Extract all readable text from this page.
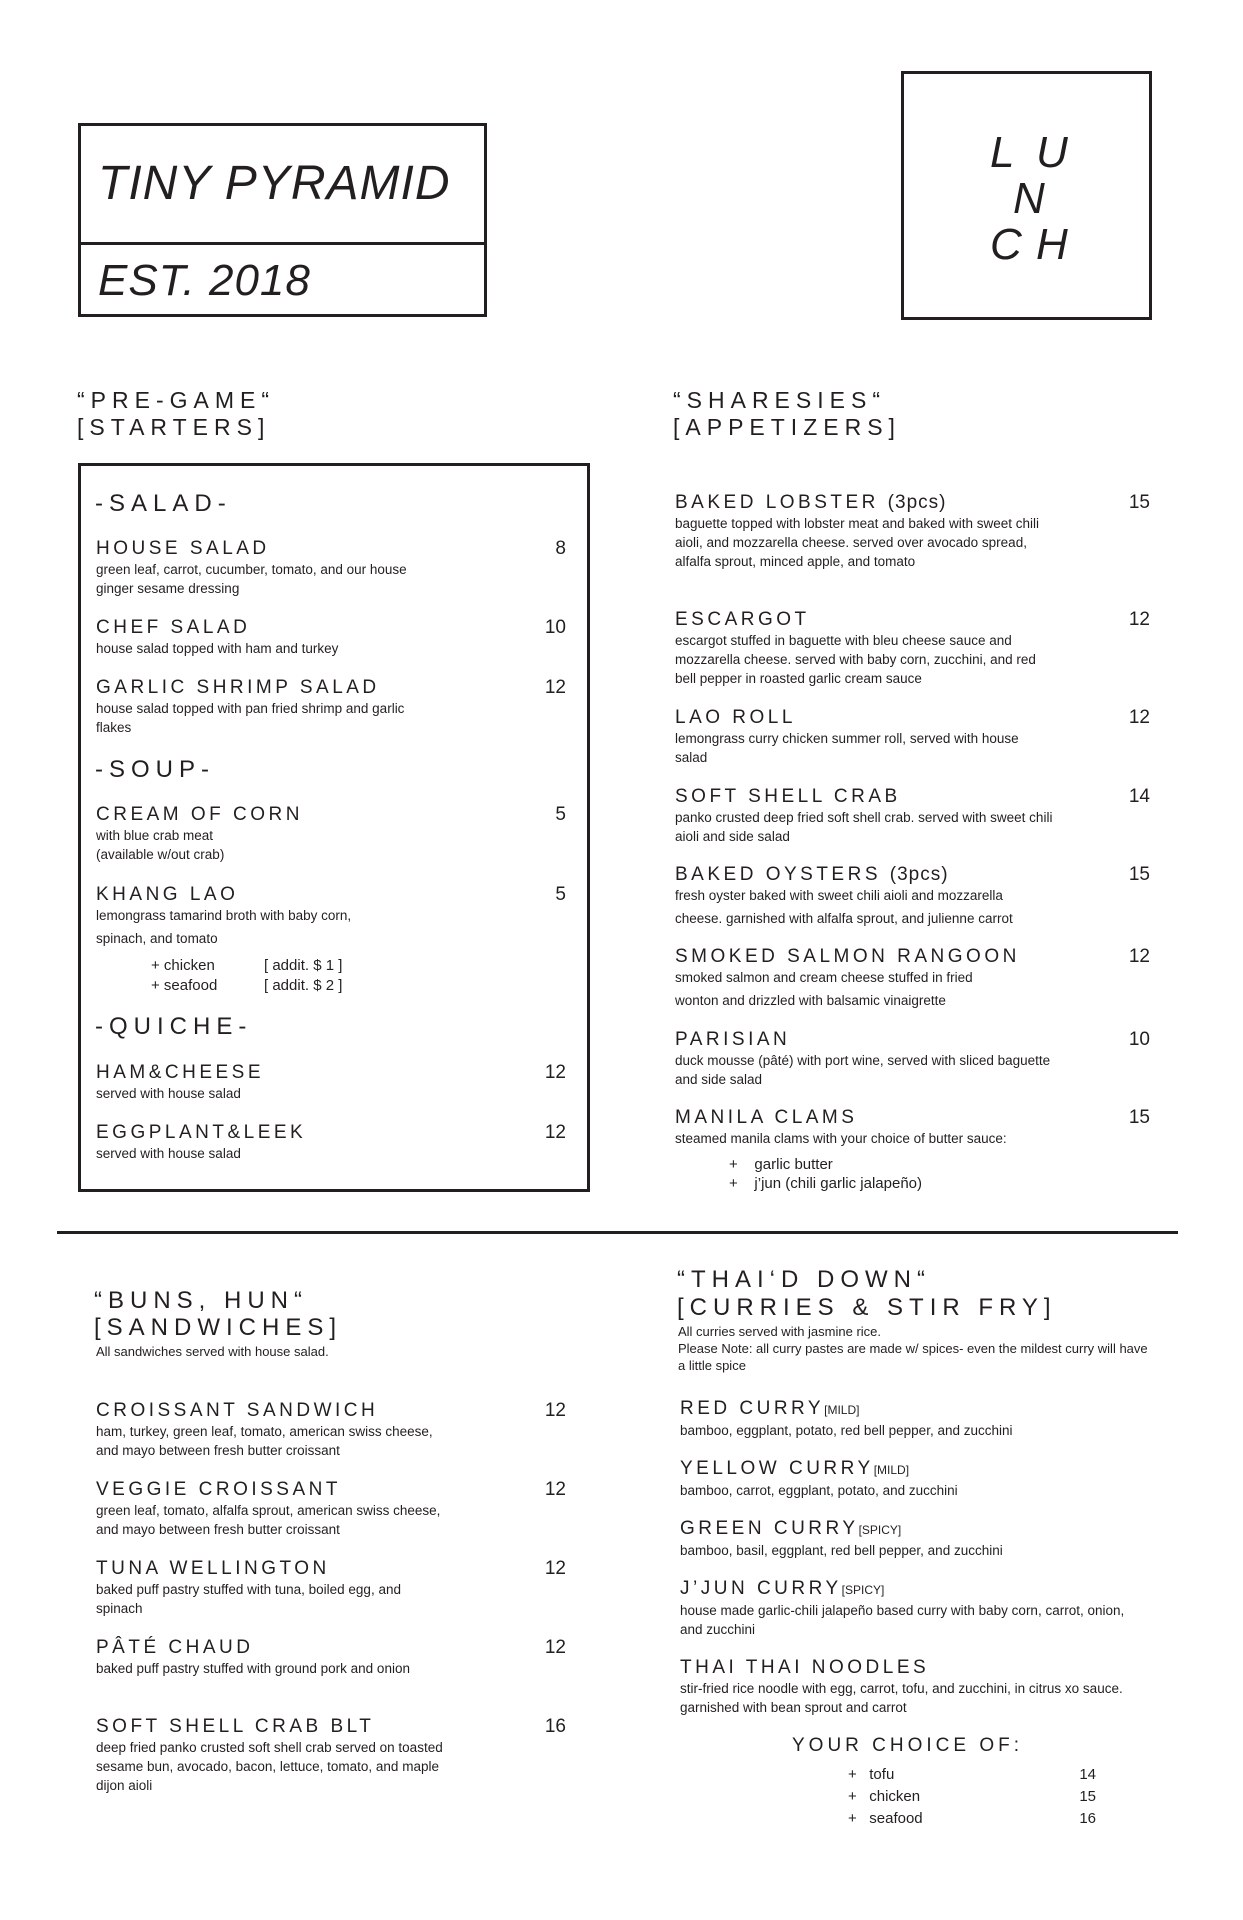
TINY PYRAMID
EST. 2018
L U
N
C H
“PRE-GAME“
[STARTERS]
“SHARESIES“
[APPETIZERS]
-SALAD-
HOUSE SALAD	8
green leaf, carrot, cucumber, tomato, and our house ginger sesame dressing
CHEF SALAD	10
house salad topped with ham and turkey
GARLIC SHRIMP SALAD	12
house salad topped with pan fried shrimp and garlic flakes
-SOUP-
CREAM OF CORN	5
with blue crab meat
(available w/out crab)
KHANG LAO	5
lemongrass tamarind broth with baby corn,
spinach, and tomato
+ chicken	[ addit. $ 1 ]
+ seafood	[ addit. $ 2 ]
-QUICHE-
HAM&CHEESE	12
served with house salad
EGGPLANT&LEEK	12
served with house salad
BAKED LOBSTER (3pcs)	15
baguette topped with lobster meat and baked with sweet chili aioli, and mozzarella cheese. served over avocado spread, alfalfa sprout, minced apple, and tomato
ESCARGOT	12
escargot stuffed in baguette with bleu cheese sauce and mozzarella cheese. served with baby corn, zucchini, and red bell pepper in roasted garlic cream sauce
LAO ROLL	12
lemongrass curry chicken summer roll, served with house salad
SOFT SHELL CRAB	14
panko crusted deep fried soft shell crab. served with sweet chili aioli and side salad
BAKED OYSTERS (3pcs)	15
fresh oyster baked with sweet chili aioli and mozzarella
cheese. garnished with alfalfa sprout, and julienne carrot
SMOKED SALMON RANGOON	12
smoked salmon and cream cheese stuffed in fried
wonton and drizzled with balsamic vinaigrette
PARISIAN	10
duck mousse (pâté) with port wine, served with sliced baguette and side salad
MANILA CLAMS	15
steamed manila clams with your choice of butter sauce:
+    garlic butter
+    j’jun (chili garlic jalapeño)
“BUNS, HUN“
[SANDWICHES]
All sandwiches served with house salad.
CROISSANT SANDWICH	12
ham, turkey, green leaf, tomato, american swiss cheese, and mayo between fresh butter croissant
VEGGIE CROISSANT	12
green leaf, tomato, alfalfa sprout, american swiss cheese, and mayo between fresh butter croissant
TUNA WELLINGTON	12
baked puff pastry stuffed with tuna, boiled egg, and spinach
PÂTÉ CHAUD	12
baked puff pastry stuffed with ground pork and onion
SOFT SHELL CRAB BLT	16
deep fried panko crusted soft shell crab served on toasted sesame bun, avocado, bacon, lettuce, tomato, and maple dijon aioli
“THAI‘D DOWN“
[CURRIES & STIR FRY]
All curries served with jasmine rice.
Please Note: all curry pastes are made w/ spices- even the mildest curry will have a little spice
RED CURRY[MILD]
bamboo, eggplant, potato, red bell pepper, and zucchini
YELLOW CURRY[MILD]
bamboo, carrot, eggplant, potato, and zucchini
GREEN CURRY[SPICY]
bamboo, basil, eggplant, red bell pepper, and zucchini
J’JUN CURRY[SPICY]
house made garlic-chili jalapeño based curry with baby corn, carrot, onion, and zucchini
THAI THAI NOODLES
stir-fried rice noodle with egg, carrot, tofu, and zucchini, in citrus xo sauce. garnished with bean sprout and carrot
YOUR CHOICE OF:
+   tofu	14
+   chicken	15
+   seafood	16
